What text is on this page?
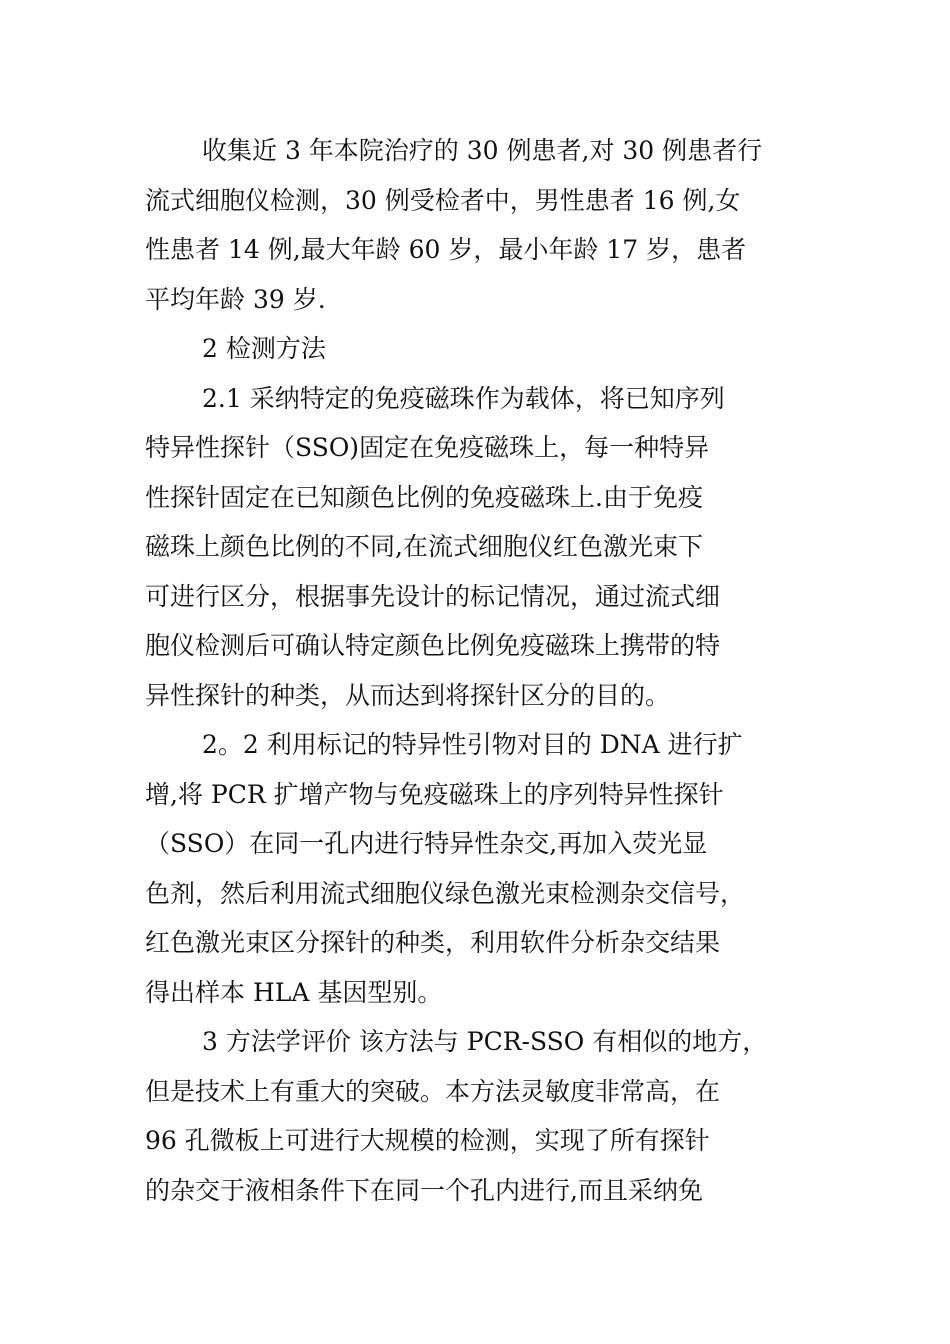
收集近 3 年本院治疗的 30 例患者,对 30 例患者行
流式细胞仪检测，30 例受检者中，男性患者 16 例,女
性患者 14 例,最大年龄 60 岁，最小年龄 17 岁，患者
平均年龄 39 岁.
2 检测方法
2.1 采纳特定的免疫磁珠作为载体，将已知序列
特异性探针（SSO)固定在免疫磁珠上，每一种特异
性探针固定在已知颜色比例的免疫磁珠上.由于免疫
磁珠上颜色比例的不同,在流式细胞仪红色激光束下
可进行区分，根据事先设计的标记情况，通过流式细
胞仪检测后可确认特定颜色比例免疫磁珠上携带的特
异性探针的种类，从而达到将探针区分的目的。
2。2 利用标记的特异性引物对目的 DNA 进行扩
增,将 PCR 扩增产物与免疫磁珠上的序列特异性探针
（SSO）在同一孔内进行特异性杂交,再加入荧光显
色剂，然后利用流式细胞仪绿色激光束检测杂交信号，
红色激光束区分探针的种类，利用软件分析杂交结果
得出样本 HLA 基因型别。
3 方法学评价 该方法与 PCR-SSO 有相似的地方，
但是技术上有重大的突破。本方法灵敏度非常高，在
96 孔微板上可进行大规模的检测，实现了所有探针
的杂交于液相条件下在同一个孔内进行,而且采纳免
